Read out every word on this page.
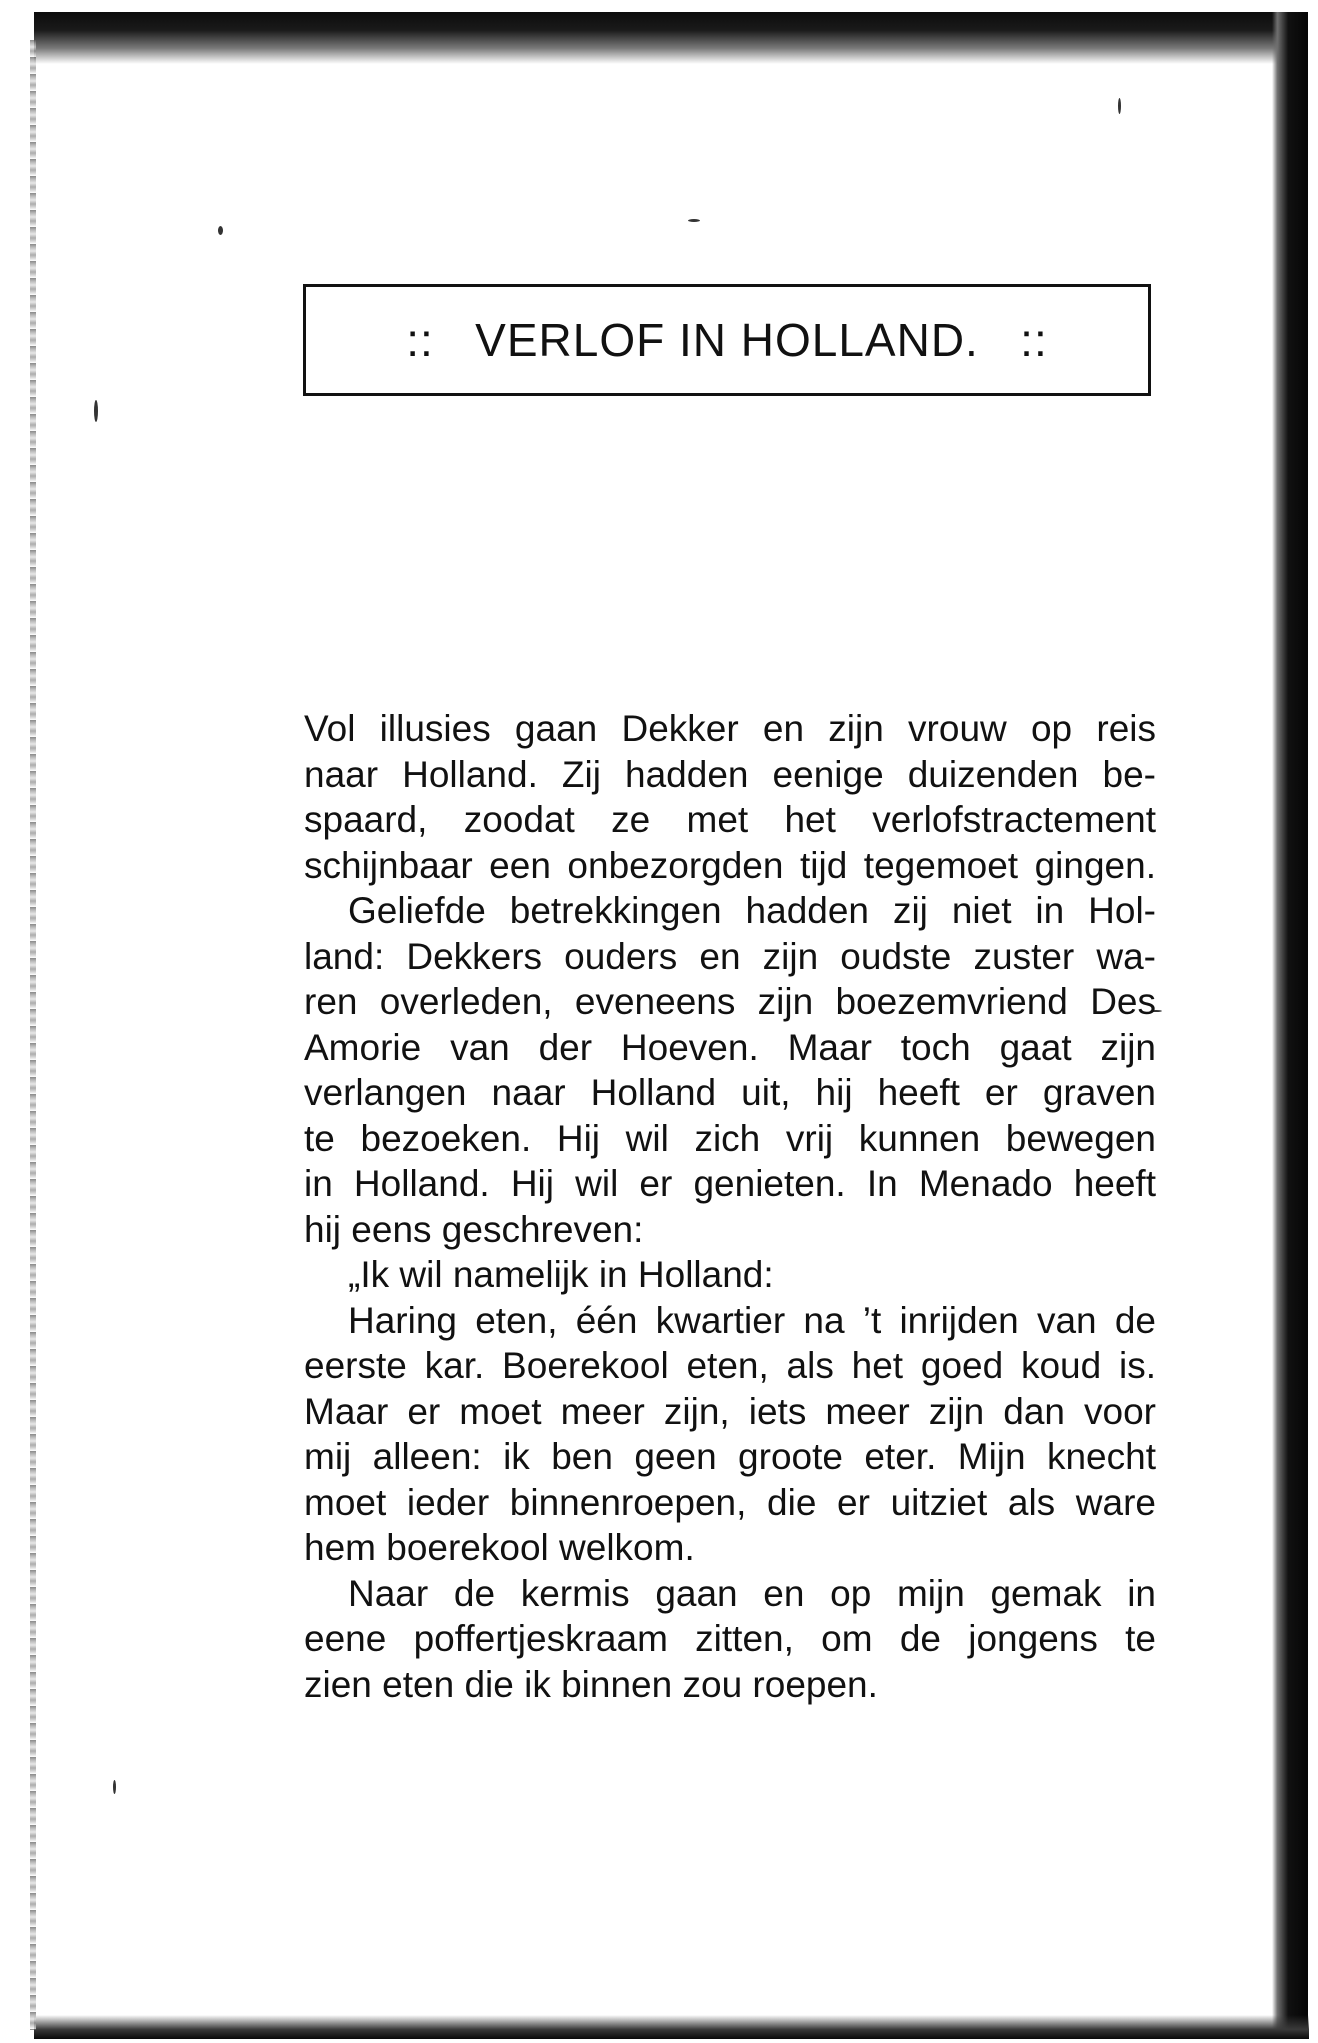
::   VERLOF IN HOLLAND.   ::
Vol illusies gaan Dekker en zijn vrouw op reis
naar Holland. Zij hadden eenige duizenden be-
spaard, zoodat ze met het verlofstractement
schijnbaar een onbezorgden tijd tegemoet gingen.
Geliefde betrekkingen hadden zij niet in Hol-
land: Dekkers ouders en zijn oudste zuster wa-
ren overleden, eveneens zijn boezemvriend Des
Amorie van der Hoeven. Maar toch gaat zijn
verlangen naar Holland uit, hij heeft er graven
te bezoeken. Hij wil zich vrij kunnen bewegen
in Holland. Hij wil er genieten. In Menado heeft
hij eens geschreven:
„Ik wil namelijk in Holland:
Haring eten, één kwartier na ’t inrijden van de
eerste kar. Boerekool eten, als het goed koud is.
Maar er moet meer zijn, iets meer zijn dan voor
mij alleen: ik ben geen groote eter. Mijn knecht
moet ieder binnenroepen, die er uitziet als ware
hem boerekool welkom.
Naar de kermis gaan en op mijn gemak in
eene poffertjeskraam zitten, om de jongens te
zien eten die ik binnen zou roepen.
